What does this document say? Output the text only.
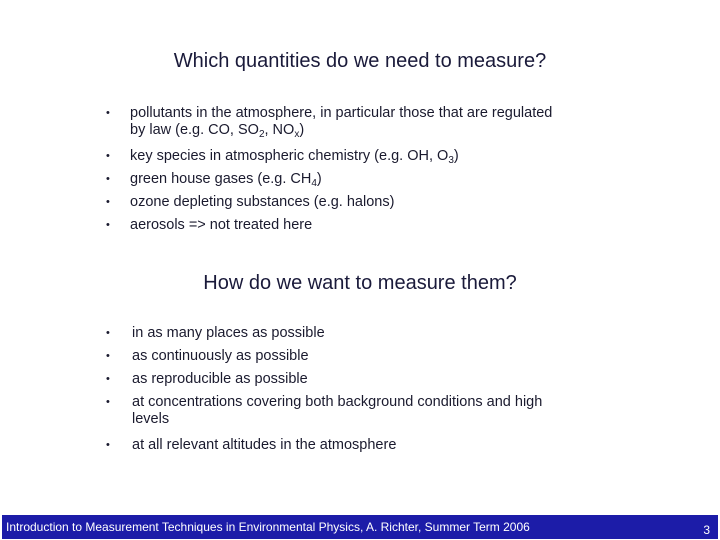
Which quantities do we need to measure?
• pollutants in the atmosphere, in particular those that are regulated
by law (e.g. CO, $SO_2$, $NO_x$)
• key species in atmospheric chemistry (e.g. OH, $O_3$)
• green house gases (e.g. $CH_4$)
• ozone depleting substances (e.g. halons)
• aerosols => not treated here
How do we want to measure them?
• in as many places as possible
• as continuously as possible
• as reproducible as possible
• at concentrations covering both background conditions and high
levels
• at all relevant altitudes in the atmosphere
Introduction to Measurement Techniques in Environmental Physics, A. Richter, Summer Term 2006	3
